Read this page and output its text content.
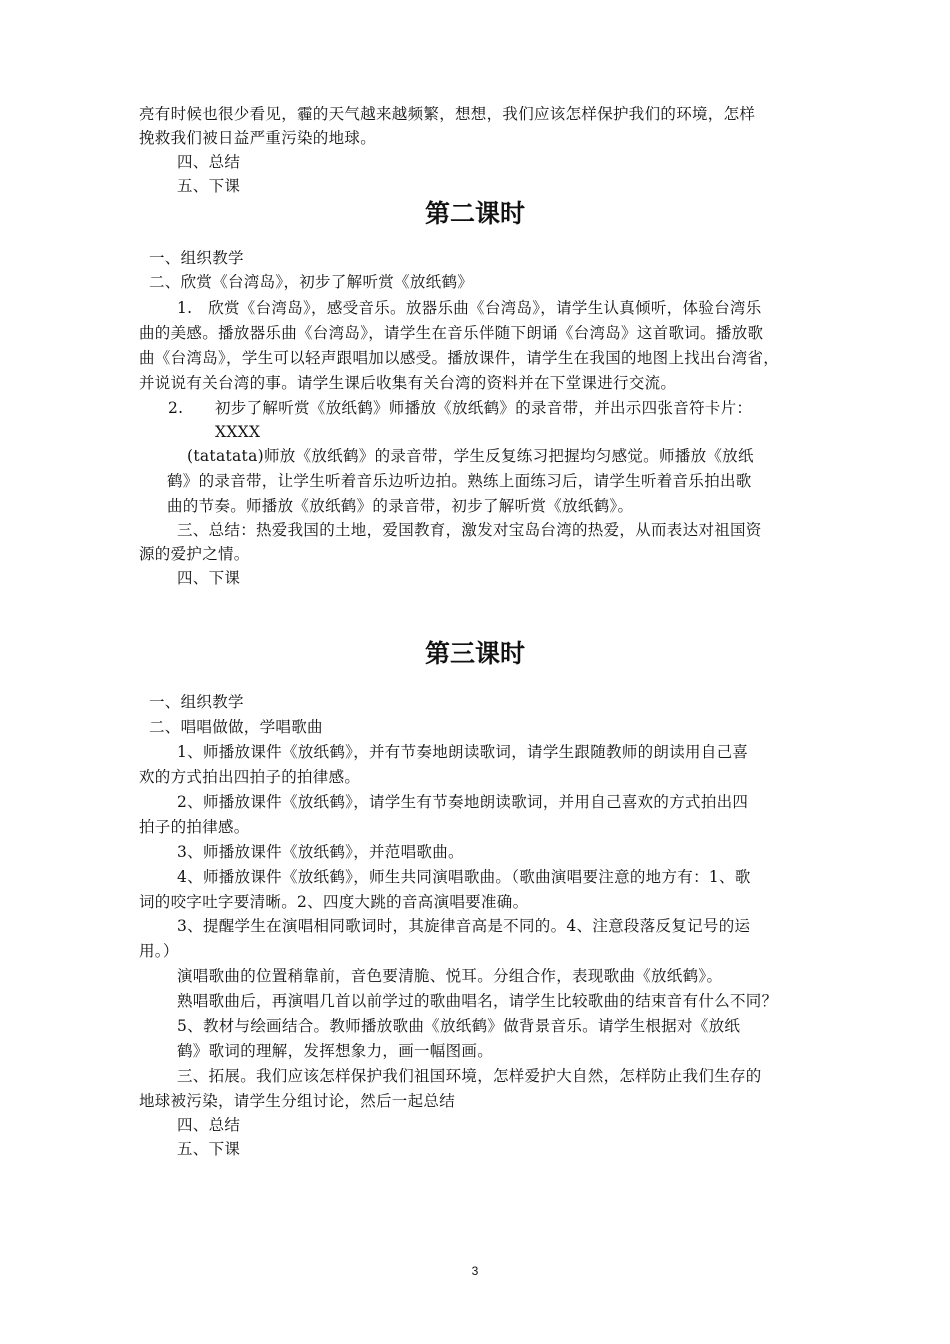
亮有时候也很少看见，霾的天气越来越频繁，想想，我们应该怎样保护我们的环境，怎样

挽救我们被日益严重污染的地球。

四、总结

五、下课

第二课时

一、组织教学

二、欣赏《台湾岛》，初步了解听赏《放纸鹤》

1.　欣赏《台湾岛》，感受音乐。放器乐曲《台湾岛》，请学生认真倾听，体验台湾乐

曲的美感。播放器乐曲《台湾岛》，请学生在音乐伴随下朗诵《台湾岛》这首歌词。播放歌

曲《台湾岛》，学生可以轻声跟唱加以感受。播放课件，请学生在我国的地图上找出台湾省，

并说说有关台湾的事。请学生课后收集有关台湾的资料并在下堂课进行交流。

2.　　初步了解听赏《放纸鹤》师播放《放纸鹤》的录音带，并出示四张音符卡片：

XXXX

(tatatata)师放《放纸鹤》的录音带，学生反复练习把握均匀感觉。师播放《放纸

鹤》的录音带，让学生听着音乐边听边拍。熟练上面练习后，请学生听着音乐拍出歌

曲的节奏。师播放《放纸鹤》的录音带，初步了解听赏《放纸鹤》。

三、总结：热爱我国的土地，爱国教育，激发对宝岛台湾的热爱，从而表达对祖国资

源的爱护之情。

四、下课

第三课时

一、组织教学

二、唱唱做做，学唱歌曲

1、师播放课件《放纸鹤》，并有节奏地朗读歌词，请学生跟随教师的朗读用自己喜

欢的方式拍出四拍子的拍律感。

2、师播放课件《放纸鹤》，请学生有节奏地朗读歌词，并用自己喜欢的方式拍出四

拍子的拍律感。

3、师播放课件《放纸鹤》，并范唱歌曲。

4、师播放课件《放纸鹤》，师生共同演唱歌曲。（歌曲演唱要注意的地方有：1、歌

词的咬字吐字要清晰。2、四度大跳的音高演唱要准确。

3、提醒学生在演唱相同歌词时，其旋律音高是不同的。4、注意段落反复记号的运

用。）

演唱歌曲的位置稍靠前，音色要清脆、悦耳。分组合作，表现歌曲《放纸鹤》。

熟唱歌曲后，再演唱几首以前学过的歌曲唱名，请学生比较歌曲的结束音有什么不同？

5、教材与绘画结合。教师播放歌曲《放纸鹤》做背景音乐。请学生根据对《放纸

鹤》歌词的理解，发挥想象力，画一幅图画。

三、拓展。我们应该怎样保护我们祖国环境，怎样爱护大自然，怎样防止我们生存的

地球被污染，请学生分组讨论，然后一起总结

四、总结

五、下课

3
